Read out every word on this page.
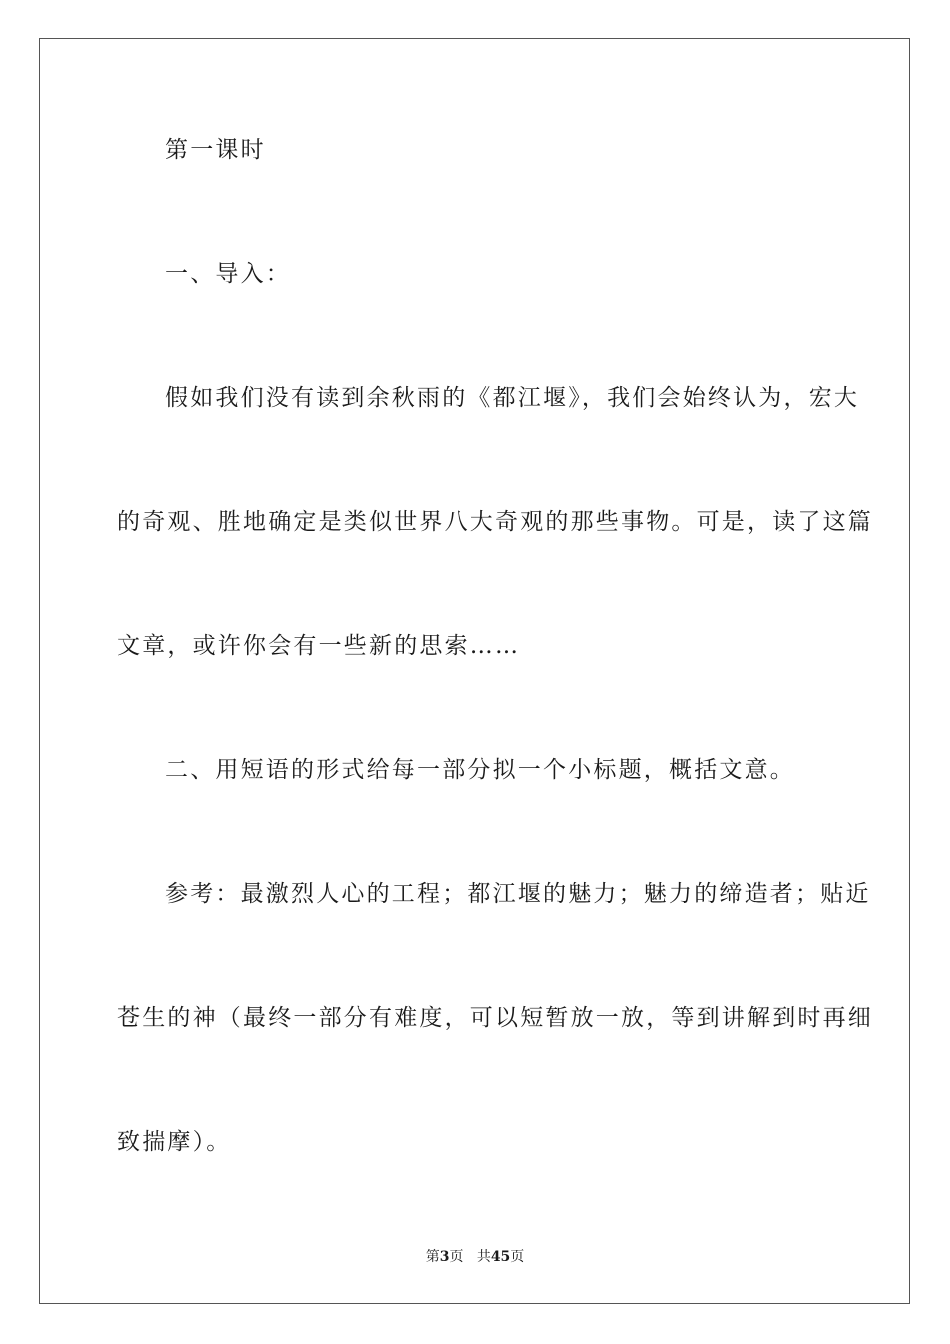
第一课时
一、导入：
假如我们没有读到余秋雨的《都江堰》，我们会始终认为，宏大
的奇观、胜地确定是类似世界八大奇观的那些事物。可是，读了这篇
文章，或许你会有一些新的思索……
二、用短语的形式给每一部分拟一个小标题，概括文意。
参考：最激烈人心的工程；都江堰的魅力；魅力的缔造者；贴近
苍生的神（最终一部分有难度，可以短暂放一放，等到讲解到时再细
致揣摩）。
第3页 共45页
